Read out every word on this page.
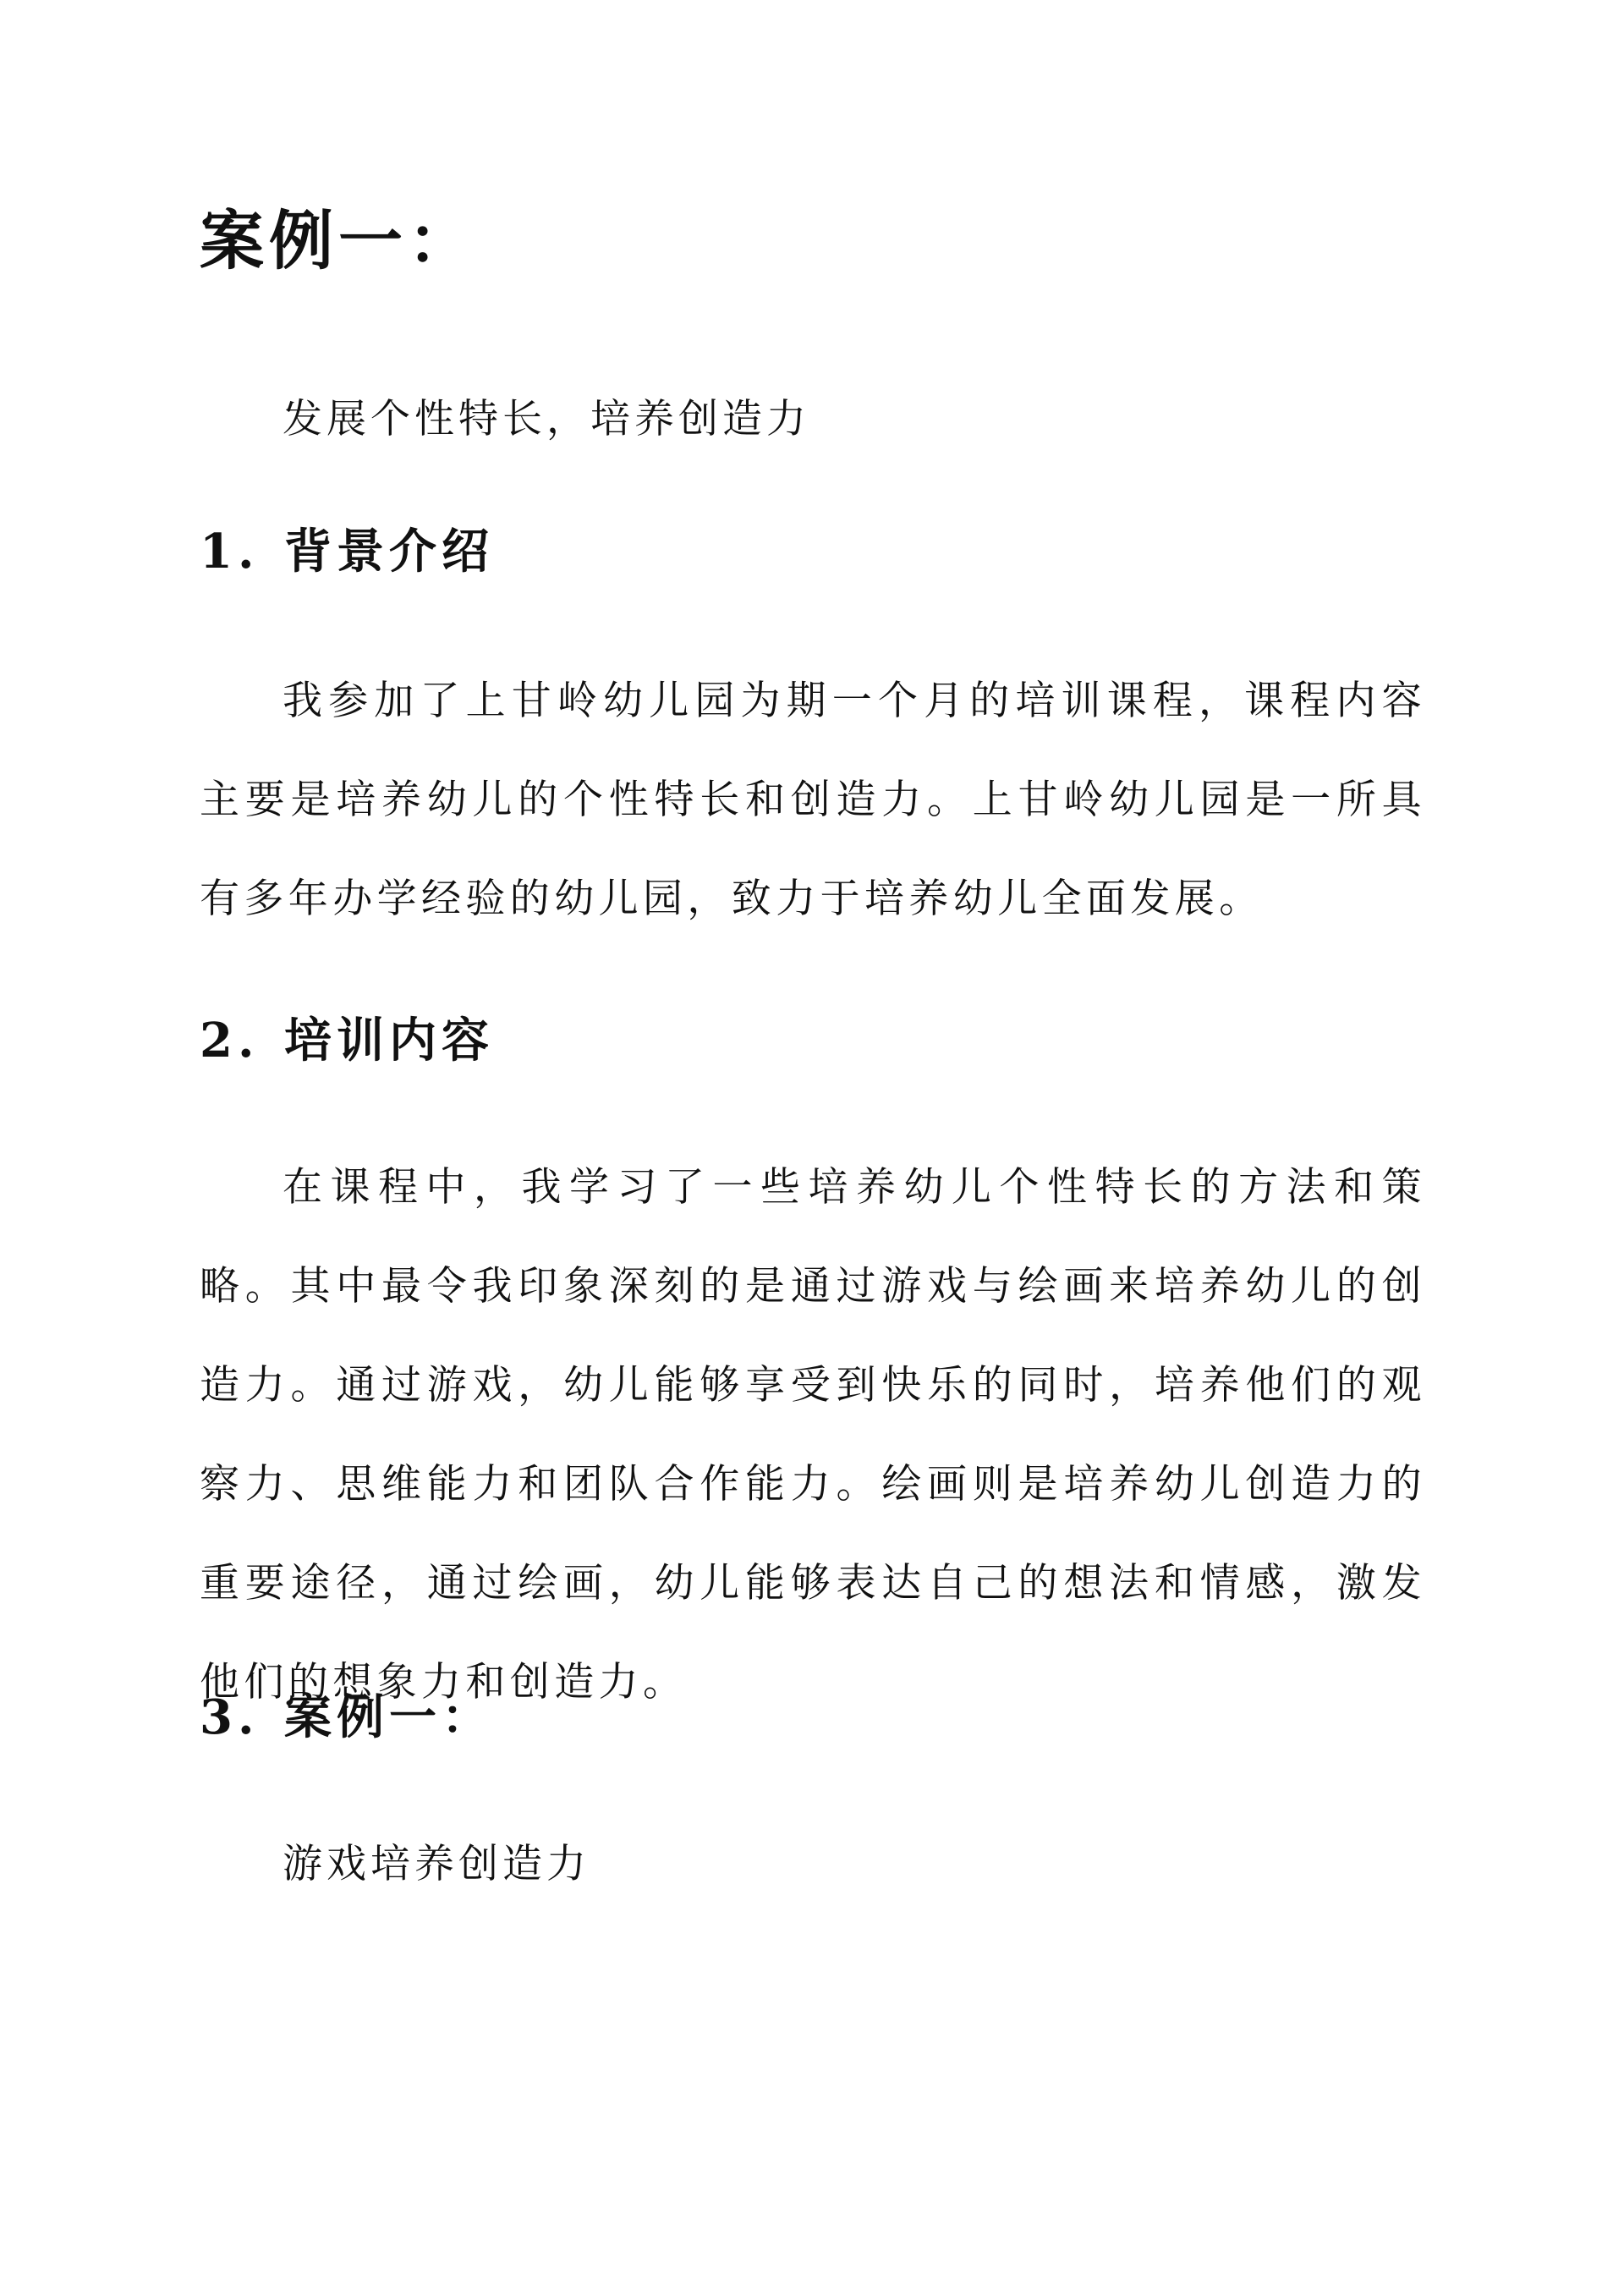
案例一：

发展个性特长，培养创造力

1. 背景介绍

我参加了上甘岭幼儿园为期一个月的培训课程，课程内容主要是培养幼儿的个性特长和创造力。上甘岭幼儿园是一所具有多年办学经验的幼儿园，致力于培养幼儿全面发展。

2. 培训内容

在课程中，我学习了一些培养幼儿个性特长的方法和策略。其中最令我印象深刻的是通过游戏与绘画来培养幼儿的创造力。通过游戏，幼儿能够享受到快乐的同时，培养他们的观察力、思维能力和团队合作能力。绘画则是培养幼儿创造力的重要途径，通过绘画，幼儿能够表达自己的想法和情感，激发他们的想象力和创造力。

3. 案例一：

游戏培养创造力
